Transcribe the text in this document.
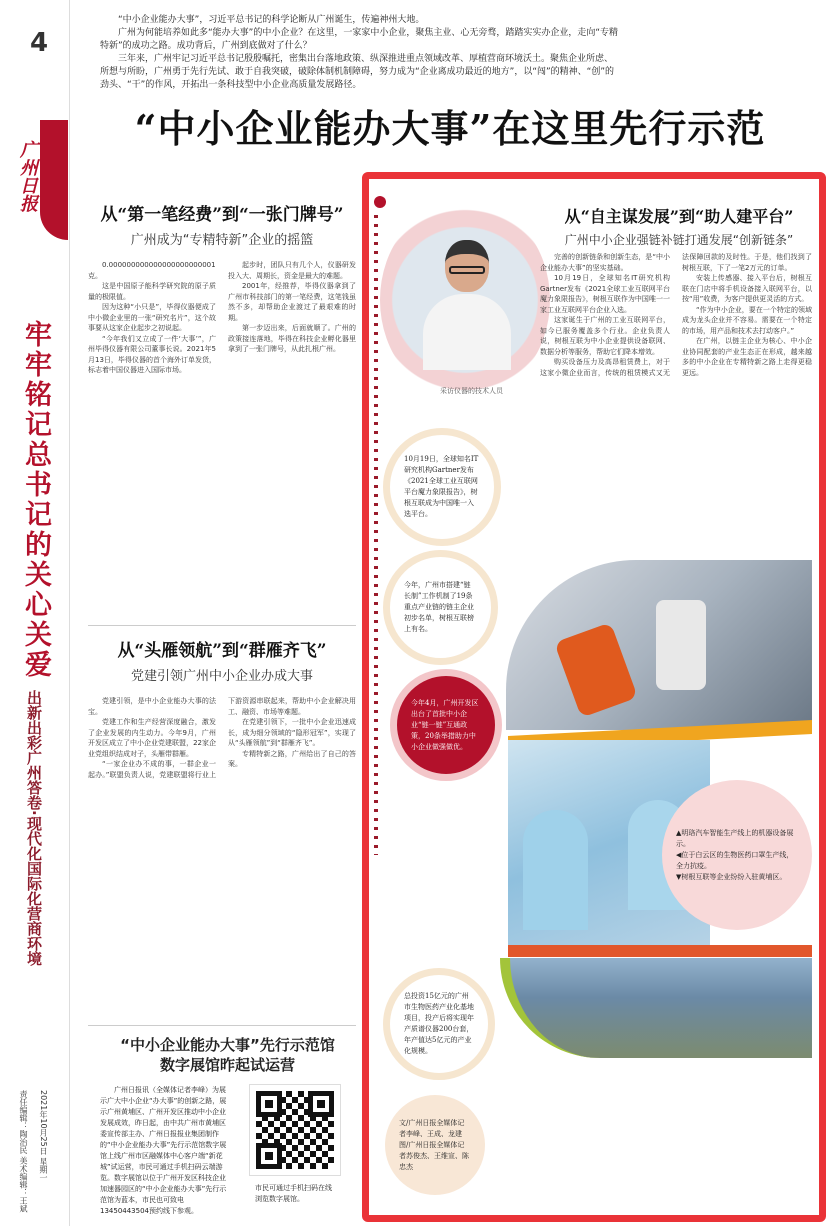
4
广州日报
牢牢铭记总书记的关心关爱
出新出彩广州答卷·现代化国际化营商环境
2021年10月25日 星期一
责任编辑：陶治民 美术编辑：王斌

“中小企业能办大事”，习近平总书记的科学论断从广州诞生，传遍神州大地。

广州为何能培养如此多“能办大事”的中小企业？在这里，一家家中小企业，聚焦主业、心无旁骛，踏踏实实办企业，走向“专精特新”的成功之路。成功背后，广州到底做对了什么？

三年来，广州牢记习近平总书记殷殷嘱托，密集出台落地政策、纵深推进重点领域改革、厚植营商环境沃土。聚焦企业所虑、所想与所盼，广州勇于先行先试、敢于自我突破，破除体制机制障碍，努力成为“企业离成功最近的地方”，以“闯”的精神、“创”的劲头、“干”的作风，开拓出一条科技型中小企业高质量发展路径。

“中小企业能办大事”在这里先行示范
从“第一笔经费”到“一张门牌号”
广州成为“专精特新”企业的摇篮

0.000000000000000000000001克。

这是中国原子能科学研究院的原子质量的极限值。

因为这种“小只是”，毕得仪器便成了中小微企业里的一张“研究名片”，这个故事要从这家企业起步之初说起。

“今年我们又立成了一件‘大事’”，广州毕得仪器有限公司董事长说。2021年5月13日，毕得仪器的首个海外订单发货，标志着中国仪器进入国际市场。

起步时，团队只有几个人，仪器研发投入大、周期长，资金是最大的难题。

2001年，经推荐，毕得仪器拿到了广州市科技部门的第一笔经费，这笔钱虽然不多，却帮助企业渡过了最艰难的时期。

第一步迈出来，后面就顺了。广州的政策接连落地，毕得在科技企业孵化器里拿到了一张门牌号，从此扎根广州。

从“头雁领航”到“群雁齐飞”
党建引领广州中小企业办成大事

党建引领，是中小企业能办大事的法宝。

党建工作和生产经营深度融合，激发了企业发展的内生动力。今年9月，广州开发区成立了中小企业党建联盟，22家企业党组织结成对子，头雁带群雁。

“一家企业办不成的事，一群企业一起办。”联盟负责人说，党建联盟将行业上下游资源串联起来，帮助中小企业解决用工、融资、市场等难题。

在党建引领下，一批中小企业迅速成长，成为细分领域的“隐形冠军”，实现了从“头雁领航”到“群雁齐飞”。

专精特新之路，广州给出了自己的答案。

“中小企业能办大事”先行示范馆
数字展馆昨起试运营

广州日报讯（全媒体记者李峰）为展示广大中小企业“办大事”的创新之路，展示广州黄埔区、广州开发区推动中小企业发展成效，昨日起，由中共广州市黄埔区委宣传部主办、广州日报报业集团制作的“中小企业能办大事”先行示范馆数字展馆上线广州市区融媒体中心客户端“新花城”试运营，市民可通过手机扫码云端游览。数字展馆以位于广州开发区科技企业加速器园区的“中小企业能办大事”先行示范馆为蓝本，市民也可致电13450443504预约线下参观。

市民可通过手机扫码在线浏览数字展馆。

采访仪器的技术人员
从“自主谋发展”到“助人建平台”
广州中小企业强链补链打通发展“创新链条”

完善的创新链条和创新生态，是“中小企业能办大事”的坚实基础。

10月19日，全球知名IT研究机构Gartner发布《2021全球工业互联网平台魔力象限报告》，树根互联作为中国唯一一家工业互联网平台企业入选。

这家诞生于广州的工业互联网平台，如今已服务覆盖多个行业。企业负责人说，树根互联为中小企业提供设备联网、数据分析等服务，帮助它们降本增效。

购买设备压力及高昂租赁费上，对于这家小微企业而言，传统的租赁模式又无法保障回款的及时性。于是，他们找到了树根互联，下了一笔2万元的订单。

安装上传感器、接入平台后，树根互联在门店中将手机设备接入联网平台，以按“用”收费，为客户提供更灵活的方式。

“作为中小企业，要在一个特定的领域成为龙头企业并不容易。需要在一个特定的市场，用产品和技术去打动客户。”

在广州，以链主企业为核心、中小企业协同配套的产业生态正在形成，越来越多的中小企业在专精特新之路上走得更稳更远。

10月19日，全球知名IT研究机构Gartner发布《2021全球工业互联网平台魔力象限报告》，树根互联成为中国唯一入选平台。
今年，广州市搭建“链长制”工作机制了19条重点产业链的链主企业初步名单，树根互联榜上有名。
今年4月，广州开发区出台了首批中小企业“链一链”互通政策，20条举措助力中小企业做强做优。
▲明珞汽车智能生产线上的机器设备展示。
◀位于白云区的生物医药口罩生产线，全力抗疫。
▼树根互联等企业纷纷入驻黄埔区。
总投资15亿元的广州市生物医药产业化基地项目，投产后将实现年产质谱仪器200台套，年产值达5亿元的产业化规模。
文/广州日报全媒体记者李峰、王成、龙建
图/广州日报全媒体记者苏俊杰、王维宣、陈忠杰
